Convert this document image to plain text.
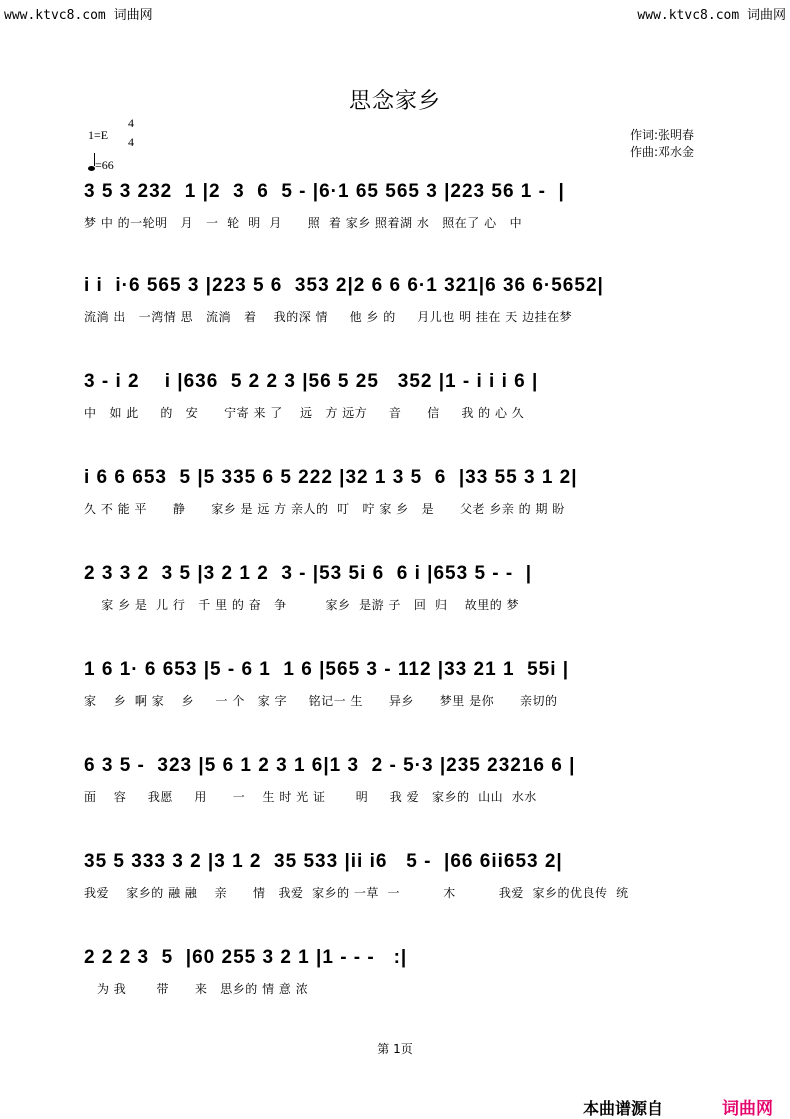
www.ktvc8.com 词曲网	www.ktvc8.com 词曲网
思念家乡
4
4
1=E
=66
作词:张明春
作曲:邓水金
3 5 3 232  1 |2  3  6  5 - |6·1 65 565 3 |223 56 1 -  |
梦 中 的一轮明   月   一  轮  明  月      照  着 家乡 照着湖 水   照在了 心   中
i i  i·6 565 3 |223 5 6  353 2|2 6 6 6·1 321|6 36 6·5652|
流淌 出   一湾情 思   流淌   着    我的深 情     他 乡 的     月儿也 明 挂在 天 边挂在梦
3 - i 2    i |636  5 2 2 3 |56 5 25   352 |1 - i i i 6 |
中   如 此     的   安      宁寄 来 了    远   方 远方     音      信     我 的 心 久
i 6 6 653  5 |5 335 6 5 222 |32 1 3 5  6  |33 55 3 1 2|
久 不 能 平      静      家乡 是 远 方 亲人的  叮   咛 家 乡   是      父老 乡亲 的 期 盼
2 3 3 2  3 5 |3 2 1 2  3 - |53 5i 6  6 i |653 5 - -  |
家 乡 是  儿 行   千 里 的 奋   争         家乡  是游 子   回  归    故里的 梦
1 6 1· 6 653 |5 - 6 1  1 6 |565 3 - 112 |33 21 1  55i |
家    乡  啊 家    乡     一 个   家 字     铭记一 生      异乡      梦里 是你      亲切的
6 3 5 -  323 |5 6 1 2 3 1 6|1 3  2 - 5·3 |235 23216 6 |
面    容     我愿     用      一    生 时 光 证       明     我 爱   家乡的  山山  水水
35 5 333 3 2 |3 1 2  35 533 |ii i6   5 -  |66 6ii653 2|
我爱    家乡的 融 融    亲      情   我爱  家乡的 一草  一          木          我爱  家乡的优良传  统
2 2 2 3  5  |60 255 3 2 1 |1 - - -   :|
为 我       带      来   思乡的 情 意 浓
第 1页
本曲谱源自	词曲网
